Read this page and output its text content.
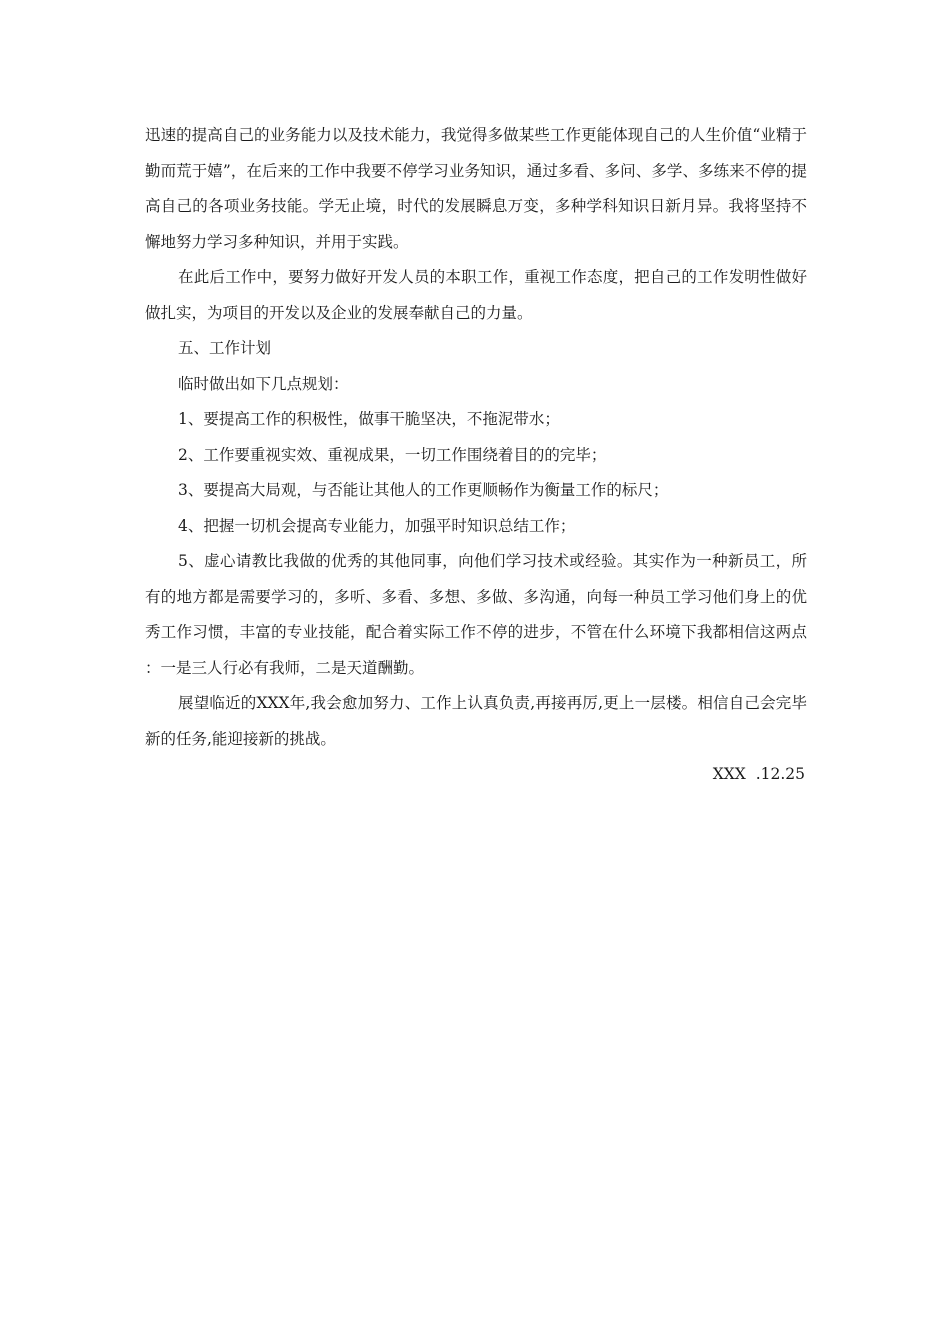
迅速的提高自己的业务能力以及技术能力，我觉得多做某些工作更能体现自己的人生价值“业精于勤而荒于嬉”，在后来的工作中我要不停学习业务知识，通过多看、多问、多学、多练来不停的提高自己的各项业务技能。学无止境，时代的发展瞬息万变，多种学科知识日新月异。我将坚持不懈地努力学习多种知识，并用于实践。

在此后工作中，要努力做好开发人员的本职工作，重视工作态度，把自己的工作发明性做好做扎实，为项目的开发以及企业的发展奉献自己的力量。

五、工作计划

临时做出如下几点规划：

1、要提高工作的积极性，做事干脆坚决，不拖泥带水；

2、工作要重视实效、重视成果，一切工作围绕着目的的完毕；

3、要提高大局观，与否能让其他人的工作更顺畅作为衡量工作的标尺；

4、把握一切机会提高专业能力，加强平时知识总结工作；

5、虚心请教比我做的优秀的其他同事，向他们学习技术或经验。其实作为一种新员工，所有的地方都是需要学习的，多听、多看、多想、多做、多沟通，向每一种员工学习他们身上的优秀工作习惯，丰富的专业技能，配合着实际工作不停的进步，不管在什么环境下我都相信这两点：一是三人行必有我师，二是天道酬勤。

展望临近的XXX年,我会愈加努力、工作上认真负责,再接再厉,更上一层楼。相信自己会完毕新的任务,能迎接新的挑战。

XXX  .12.25
